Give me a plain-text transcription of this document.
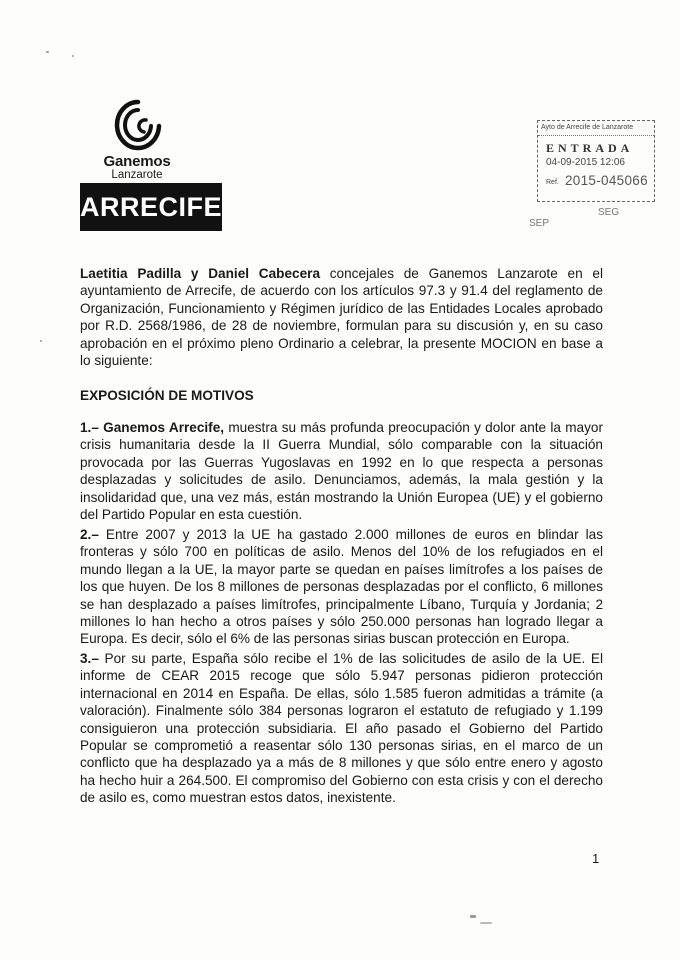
Ganemos
Lanzarote
ARRECIFE
Ayto de Arrecife de Lanzarote
ENTRADA
04-09-2015 12:06
Ref. 2015-045066
SEG
SEP
Laetitia Padilla y Daniel Cabecera concejales de Ganemos Lanzarote en el ayuntamiento de Arrecife, de acuerdo con los artículos 97.3 y 91.4 del reglamento de Organización, Funcionamiento y Régimen jurídico de las Entidades Locales aprobado por R.D. 2568/1986, de 28 de noviembre, formulan para su discusión y, en su caso aprobación en el próximo pleno Ordinario a celebrar, la presente MOCION en base a lo siguiente:
EXPOSICIÓN DE MOTIVOS
1.– Ganemos Arrecife, muestra su más profunda preocupación y dolor ante la mayor crisis humanitaria desde la II Guerra Mundial, sólo comparable con la situación provocada por las Guerras Yugoslavas en 1992 en lo que respecta a personas desplazadas y solicitudes de asilo. Denunciamos, además, la mala gestión y la insolidaridad que, una vez más, están mostrando la Unión Europea (UE) y el gobierno del Partido Popular en esta cuestión.
2.– Entre 2007 y 2013 la UE ha gastado 2.000 millones de euros en blindar las fronteras y sólo 700 en políticas de asilo. Menos del 10% de los refugiados en el mundo llegan a la UE, la mayor parte se quedan en países limítrofes a los países de los que huyen. De los 8 millones de personas desplazadas por el conflicto, 6 millones se han desplazado a países limítrofes, principalmente Líbano, Turquía y Jordania; 2 millones lo han hecho a otros países y sólo 250.000 personas han logrado llegar a Europa. Es decir, sólo el 6% de las personas sirias buscan protección en Europa.
3.– Por su parte, España sólo recibe el 1% de las solicitudes de asilo de la UE. El informe de CEAR 2015 recoge que sólo 5.947 personas pidieron protección internacional en 2014 en España. De ellas, sólo 1.585 fueron admitidas a trámite (a valoración). Finalmente sólo 384 personas lograron el estatuto de refugiado y 1.199 consiguieron una protección subsidiaria. El año pasado el Gobierno del Partido Popular se comprometió a reasentar sólo 130 personas sirias, en el marco de un conflicto que ha desplazado ya a más de 8 millones y que sólo entre enero y agosto ha hecho huir a 264.500. El compromiso del Gobierno con esta crisis y con el derecho de asilo es, como muestran estos datos, inexistente.
1
